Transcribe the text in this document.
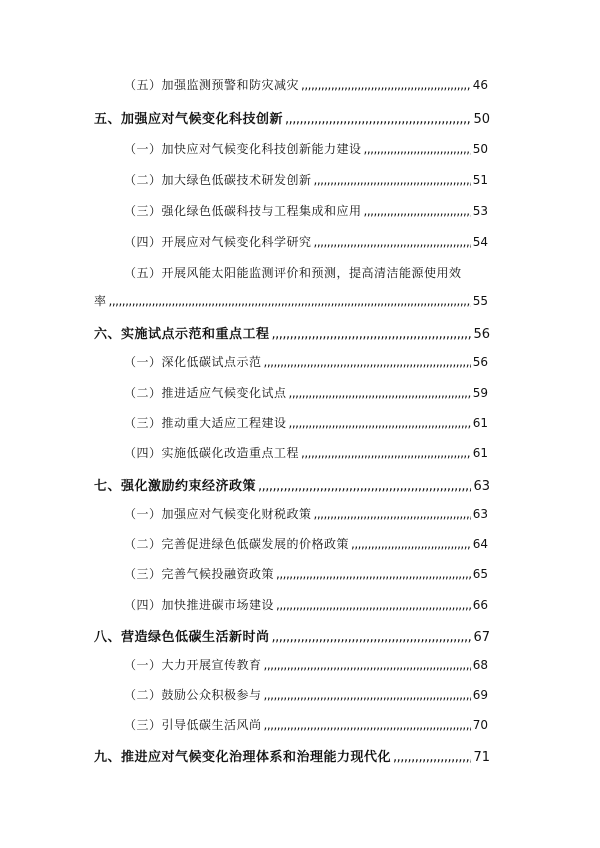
（五）加强监测预警和防灾减灾 ,,,,,,,,,,,,,,,,,,,,,,,,,,,,,,,,,,,,,,,,,,,,,,,,,,,,,,,,,,,,,,,,,,,,,,,,,,,,,,,,,,,,,,,,,,,,,,,,,,,,,,,,,,,,,,,,,,,,,,,,,,,,,,,,,,,,,,,,,,,,,,,,,,,,,,,,,,,,,,,,,,,,,,,,,,,,,,,,,,,,,,,,,,,,,,,,,,	46
五、加强应对气候变化科技创新 ,,,,,,,,,,,,,,,,,,,,,,,,,,,,,,,,,,,,,,,,,,,,,,,,,,,,,,,,,,,,,,,,,,,,,,,,,,,,,,,,,,,,,,,,,,,,,,,,,,,,,,,,,,,,,,,,,,,,,,,,,,,,,,,,,,,,,,,,,,,,,,,,,,,,,,,,,,,,,,,,,,,,,,,,,,,,,,,,,,,,,,,,,,,,,,,,,,	50
（一）加快应对气候变化科技创新能力建设 ,,,,,,,,,,,,,,,,,,,,,,,,,,,,,,,,,,,,,,,,,,,,,,,,,,,,,,,,,,,,,,,,,,,,,,,,,,,,,,,,,,,,,,,,,,,,,,,,,,,,,,,,,,,,,,,,,,,,,,,,,,,,,,,,,,,,,,,,,,,,,,,,,,,,,,,,,,,,,,,,,,,,,,,,,,,,,,,,,,,,,,,,,,,,,,,,,,	50
（二）加大绿色低碳技术研发创新 ,,,,,,,,,,,,,,,,,,,,,,,,,,,,,,,,,,,,,,,,,,,,,,,,,,,,,,,,,,,,,,,,,,,,,,,,,,,,,,,,,,,,,,,,,,,,,,,,,,,,,,,,,,,,,,,,,,,,,,,,,,,,,,,,,,,,,,,,,,,,,,,,,,,,,,,,,,,,,,,,,,,,,,,,,,,,,,,,,,,,,,,,,,,,,,,,,,	51
（三）强化绿色低碳科技与工程集成和应用 ,,,,,,,,,,,,,,,,,,,,,,,,,,,,,,,,,,,,,,,,,,,,,,,,,,,,,,,,,,,,,,,,,,,,,,,,,,,,,,,,,,,,,,,,,,,,,,,,,,,,,,,,,,,,,,,,,,,,,,,,,,,,,,,,,,,,,,,,,,,,,,,,,,,,,,,,,,,,,,,,,,,,,,,,,,,,,,,,,,,,,,,,,,,,,,,,,,	53
（四）开展应对气候变化科学研究 ,,,,,,,,,,,,,,,,,,,,,,,,,,,,,,,,,,,,,,,,,,,,,,,,,,,,,,,,,,,,,,,,,,,,,,,,,,,,,,,,,,,,,,,,,,,,,,,,,,,,,,,,,,,,,,,,,,,,,,,,,,,,,,,,,,,,,,,,,,,,,,,,,,,,,,,,,,,,,,,,,,,,,,,,,,,,,,,,,,,,,,,,,,,,,,,,,,	54
（五）开展风能太阳能监测评价和预测，提高清洁能源使用效
率 ,,,,,,,,,,,,,,,,,,,,,,,,,,,,,,,,,,,,,,,,,,,,,,,,,,,,,,,,,,,,,,,,,,,,,,,,,,,,,,,,,,,,,,,,,,,,,,,,,,,,,,,,,,,,,,,,,,,,,,,,,,,,,,,,,,,,,,,,,,,,,,,,,,,,,,,,,,,,,,,,,,,,,,,,,,,,,,,,,,,,,,,,,,,,,,,,,,	55
六、实施试点示范和重点工程 ,,,,,,,,,,,,,,,,,,,,,,,,,,,,,,,,,,,,,,,,,,,,,,,,,,,,,,,,,,,,,,,,,,,,,,,,,,,,,,,,,,,,,,,,,,,,,,,,,,,,,,,,,,,,,,,,,,,,,,,,,,,,,,,,,,,,,,,,,,,,,,,,,,,,,,,,,,,,,,,,,,,,,,,,,,,,,,,,,,,,,,,,,,,,,,,,,,	56
（一）深化低碳试点示范 ,,,,,,,,,,,,,,,,,,,,,,,,,,,,,,,,,,,,,,,,,,,,,,,,,,,,,,,,,,,,,,,,,,,,,,,,,,,,,,,,,,,,,,,,,,,,,,,,,,,,,,,,,,,,,,,,,,,,,,,,,,,,,,,,,,,,,,,,,,,,,,,,,,,,,,,,,,,,,,,,,,,,,,,,,,,,,,,,,,,,,,,,,,,,,,,,,,	56
（二）推进适应气候变化试点 ,,,,,,,,,,,,,,,,,,,,,,,,,,,,,,,,,,,,,,,,,,,,,,,,,,,,,,,,,,,,,,,,,,,,,,,,,,,,,,,,,,,,,,,,,,,,,,,,,,,,,,,,,,,,,,,,,,,,,,,,,,,,,,,,,,,,,,,,,,,,,,,,,,,,,,,,,,,,,,,,,,,,,,,,,,,,,,,,,,,,,,,,,,,,,,,,,,	59
（三）推动重大适应工程建设 ,,,,,,,,,,,,,,,,,,,,,,,,,,,,,,,,,,,,,,,,,,,,,,,,,,,,,,,,,,,,,,,,,,,,,,,,,,,,,,,,,,,,,,,,,,,,,,,,,,,,,,,,,,,,,,,,,,,,,,,,,,,,,,,,,,,,,,,,,,,,,,,,,,,,,,,,,,,,,,,,,,,,,,,,,,,,,,,,,,,,,,,,,,,,,,,,,,	61
（四）实施低碳化改造重点工程 ,,,,,,,,,,,,,,,,,,,,,,,,,,,,,,,,,,,,,,,,,,,,,,,,,,,,,,,,,,,,,,,,,,,,,,,,,,,,,,,,,,,,,,,,,,,,,,,,,,,,,,,,,,,,,,,,,,,,,,,,,,,,,,,,,,,,,,,,,,,,,,,,,,,,,,,,,,,,,,,,,,,,,,,,,,,,,,,,,,,,,,,,,,,,,,,,,,	61
七、强化激励约束经济政策 ,,,,,,,,,,,,,,,,,,,,,,,,,,,,,,,,,,,,,,,,,,,,,,,,,,,,,,,,,,,,,,,,,,,,,,,,,,,,,,,,,,,,,,,,,,,,,,,,,,,,,,,,,,,,,,,,,,,,,,,,,,,,,,,,,,,,,,,,,,,,,,,,,,,,,,,,,,,,,,,,,,,,,,,,,,,,,,,,,,,,,,,,,,,,,,,,,,	63
（一）加强应对气候变化财税政策 ,,,,,,,,,,,,,,,,,,,,,,,,,,,,,,,,,,,,,,,,,,,,,,,,,,,,,,,,,,,,,,,,,,,,,,,,,,,,,,,,,,,,,,,,,,,,,,,,,,,,,,,,,,,,,,,,,,,,,,,,,,,,,,,,,,,,,,,,,,,,,,,,,,,,,,,,,,,,,,,,,,,,,,,,,,,,,,,,,,,,,,,,,,,,,,,,,,	63
（二）完善促进绿色低碳发展的价格政策 ,,,,,,,,,,,,,,,,,,,,,,,,,,,,,,,,,,,,,,,,,,,,,,,,,,,,,,,,,,,,,,,,,,,,,,,,,,,,,,,,,,,,,,,,,,,,,,,,,,,,,,,,,,,,,,,,,,,,,,,,,,,,,,,,,,,,,,,,,,,,,,,,,,,,,,,,,,,,,,,,,,,,,,,,,,,,,,,,,,,,,,,,,,,,,,,,,,	64
（三）完善气候投融资政策 ,,,,,,,,,,,,,,,,,,,,,,,,,,,,,,,,,,,,,,,,,,,,,,,,,,,,,,,,,,,,,,,,,,,,,,,,,,,,,,,,,,,,,,,,,,,,,,,,,,,,,,,,,,,,,,,,,,,,,,,,,,,,,,,,,,,,,,,,,,,,,,,,,,,,,,,,,,,,,,,,,,,,,,,,,,,,,,,,,,,,,,,,,,,,,,,,,,	65
（四）加快推进碳市场建设 ,,,,,,,,,,,,,,,,,,,,,,,,,,,,,,,,,,,,,,,,,,,,,,,,,,,,,,,,,,,,,,,,,,,,,,,,,,,,,,,,,,,,,,,,,,,,,,,,,,,,,,,,,,,,,,,,,,,,,,,,,,,,,,,,,,,,,,,,,,,,,,,,,,,,,,,,,,,,,,,,,,,,,,,,,,,,,,,,,,,,,,,,,,,,,,,,,,	66
八、营造绿色低碳生活新时尚 ,,,,,,,,,,,,,,,,,,,,,,,,,,,,,,,,,,,,,,,,,,,,,,,,,,,,,,,,,,,,,,,,,,,,,,,,,,,,,,,,,,,,,,,,,,,,,,,,,,,,,,,,,,,,,,,,,,,,,,,,,,,,,,,,,,,,,,,,,,,,,,,,,,,,,,,,,,,,,,,,,,,,,,,,,,,,,,,,,,,,,,,,,,,,,,,,,,	67
（一）大力开展宣传教育 ,,,,,,,,,,,,,,,,,,,,,,,,,,,,,,,,,,,,,,,,,,,,,,,,,,,,,,,,,,,,,,,,,,,,,,,,,,,,,,,,,,,,,,,,,,,,,,,,,,,,,,,,,,,,,,,,,,,,,,,,,,,,,,,,,,,,,,,,,,,,,,,,,,,,,,,,,,,,,,,,,,,,,,,,,,,,,,,,,,,,,,,,,,,,,,,,,,	68
（二）鼓励公众积极参与 ,,,,,,,,,,,,,,,,,,,,,,,,,,,,,,,,,,,,,,,,,,,,,,,,,,,,,,,,,,,,,,,,,,,,,,,,,,,,,,,,,,,,,,,,,,,,,,,,,,,,,,,,,,,,,,,,,,,,,,,,,,,,,,,,,,,,,,,,,,,,,,,,,,,,,,,,,,,,,,,,,,,,,,,,,,,,,,,,,,,,,,,,,,,,,,,,,,	69
（三）引导低碳生活风尚 ,,,,,,,,,,,,,,,,,,,,,,,,,,,,,,,,,,,,,,,,,,,,,,,,,,,,,,,,,,,,,,,,,,,,,,,,,,,,,,,,,,,,,,,,,,,,,,,,,,,,,,,,,,,,,,,,,,,,,,,,,,,,,,,,,,,,,,,,,,,,,,,,,,,,,,,,,,,,,,,,,,,,,,,,,,,,,,,,,,,,,,,,,,,,,,,,,,	70
九、推进应对气候变化治理体系和治理能力现代化 ,,,,,,,,,,,,,,,,,,,,,,,,,,,,,,,,,,,,,,,,,,,,,,,,,,,,,,,,,,,,,,,,,,,,,,,,,,,,,,,,,,,,,,,,,,,,,,,,,,,,,,,,,,,,,,,,,,,,,,,,,,,,,,,,,,,,,,,,,,,,,,,,,,,,,,,,,,,,,,,,,,,,,,,,,,,,,,,,,,,,,,,,,,,,,,,,,,	71
